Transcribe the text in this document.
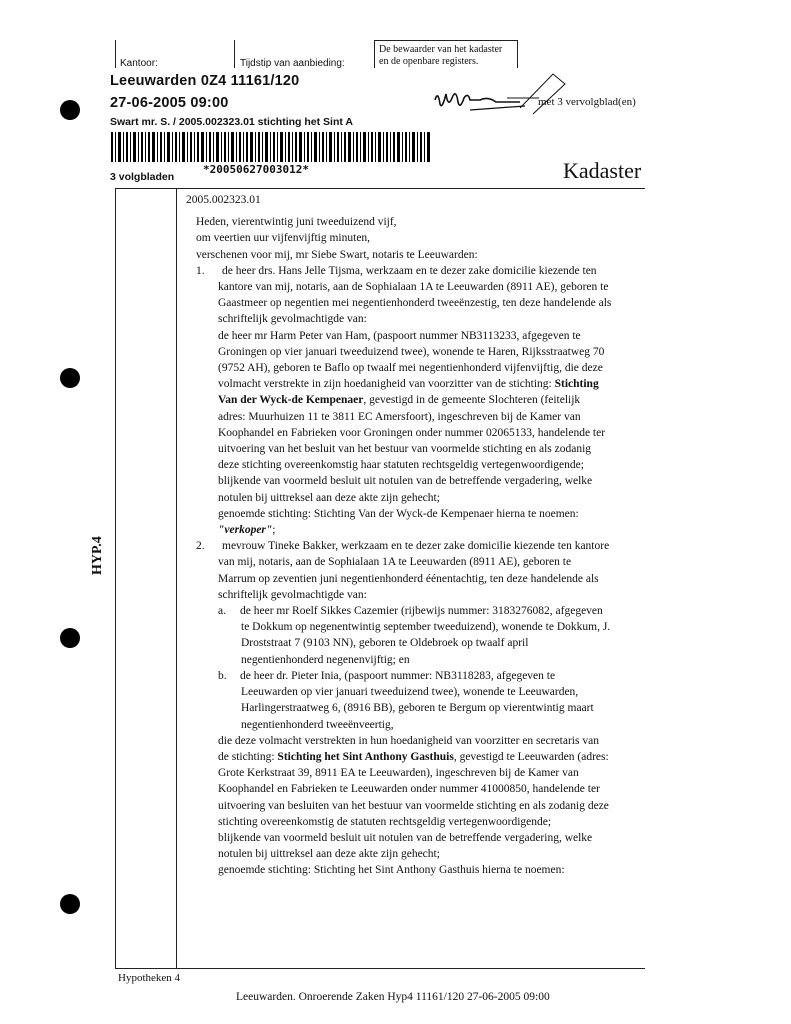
Kantoor:	Tijdstip van aanbieding:
De bewaarder van het kadaster
en de openbare registers.
Leeuwarden 0Z4 11161/120
27-06-2005 09:00
Swart mr. S. / 2005.002323.01 stichting het Sint A
*20050627003012*
3 volgbladen
met 3 vervolgblad(en)
Kadaster
HYP.4

2005.002323.01

Heden, vierentwintig juni tweeduizend vijf,

om veertien uur vijfenvijftig minuten,

verschenen voor mij, mr Siebe Swart, notaris te Leeuwarden:

1. de heer drs. Hans Jelle Tijsma, werkzaam en te dezer zake domicilie kiezende ten

kantore van mij, notaris, aan de Sophialaan 1A te Leeuwarden (8911 AE), geboren te

Gaastmeer op negentien mei negentienhonderd tweeënzestig, ten deze handelende als

schriftelijk gevolmachtigde van:

de heer mr Harm Peter van Ham, (paspoort nummer NB3113233, afgegeven te

Groningen op vier januari tweeduizend twee), wonende te Haren, Rijksstraatweg 70

(9752 AH), geboren te Baflo op twaalf mei negentienhonderd vijfenvijftig, die deze

volmacht verstrekte in zijn hoedanigheid van voorzitter van de stichting: Stichting

Van der Wyck-de Kempenaer, gevestigd in de gemeente Slochteren (feitelijk

adres: Muurhuizen 11 te 3811 EC Amersfoort), ingeschreven bij de Kamer van

Koophandel en Fabrieken voor Groningen onder nummer 02065133, handelende ter

uitvoering van het besluit van het bestuur van voormelde stichting en als zodanig

deze stichting overeenkomstig haar statuten rechtsgeldig vertegenwoordigende;

blijkende van voormeld besluit uit notulen van de betreffende vergadering, welke

notulen bij uittreksel aan deze akte zijn gehecht;

genoemde stichting: Stichting Van der Wyck-de Kempenaer hierna te noemen:

"verkoper";

2. mevrouw Tineke Bakker, werkzaam en te dezer zake domicilie kiezende ten kantore

van mij, notaris, aan de Sophialaan 1A te Leeuwarden (8911 AE), geboren te

Marrum op zeventien juni negentienhonderd éénentachtig, ten deze handelende als

schriftelijk gevolmachtigde van:

a. de heer mr Roelf Sikkes Cazemier (rijbewijs nummer: 3183276082, afgegeven

te Dokkum op negenentwintig september tweeduizend), wonende te Dokkum, J.

Droststraat 7 (9103 NN), geboren te Oldebroek op twaalf april

negentienhonderd negenenvijftig; en

b. de heer dr. Pieter Inia, (paspoort nummer: NB3118283, afgegeven te

Leeuwarden op vier januari tweeduizend twee), wonende te Leeuwarden,

Harlingerstraatweg 6, (8916 BB), geboren te Bergum op vierentwintig maart

negentienhonderd tweeënveertig,

die deze volmacht verstrekten in hun hoedanigheid van voorzitter en secretaris van

de stichting: Stichting het Sint Anthony Gasthuis, gevestigd te Leeuwarden (adres:

Grote Kerkstraat 39, 8911 EA te Leeuwarden), ingeschreven bij de Kamer van

Koophandel en Fabrieken te Leeuwarden onder nummer 41000850, handelende ter

uitvoering van besluiten van het bestuur van voormelde stichting en als zodanig deze

stichting overeenkomstig de statuten rechtsgeldig vertegenwoordigende;

blijkende van voormeld besluit uit notulen van de betreffende vergadering, welke

notulen bij uittreksel aan deze akte zijn gehecht;

genoemde stichting: Stichting het Sint Anthony Gasthuis hierna te noemen:

Hypotheken 4
Leeuwarden. Onroerende Zaken Hyp4 11161/120 27-06-2005 09:00
